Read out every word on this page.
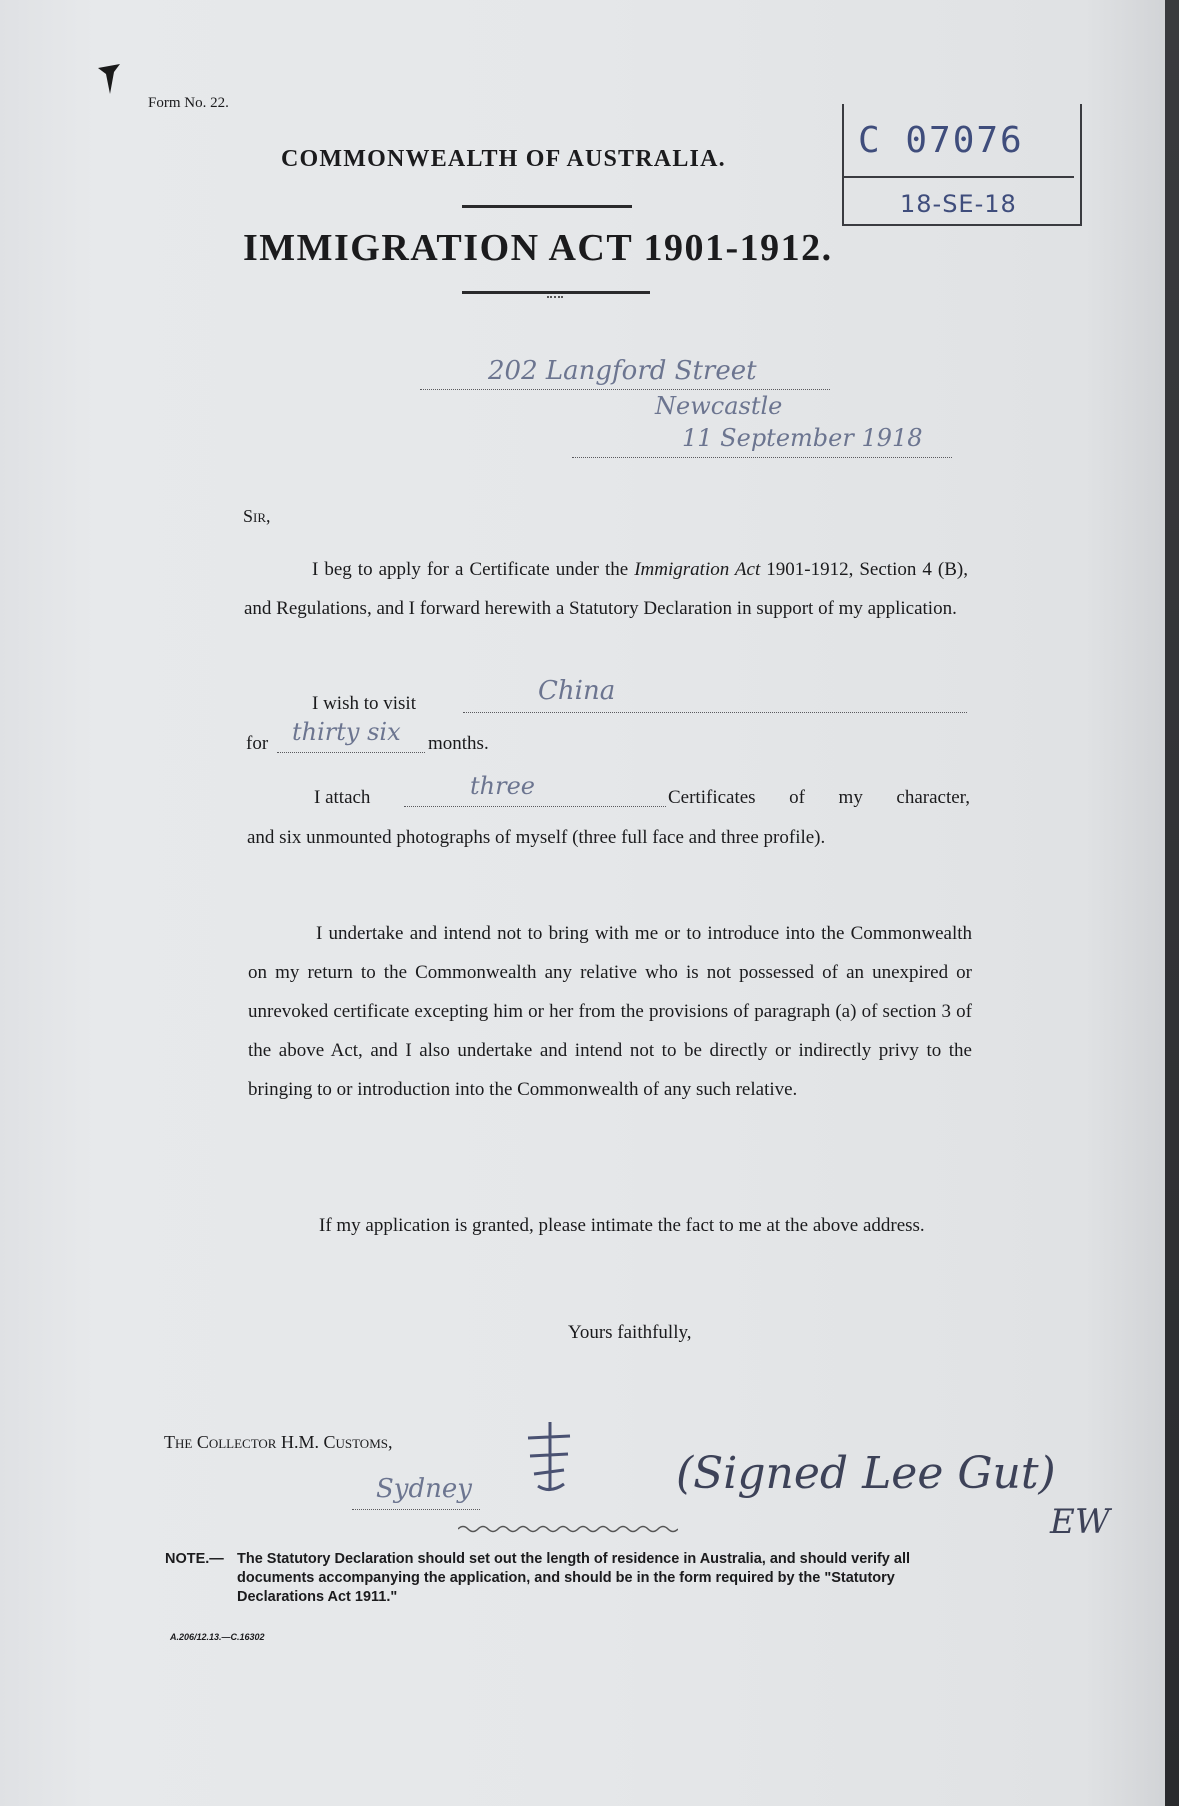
Form No. 22.
COMMONWEALTH OF AUSTRALIA.
IMMIGRATION ACT 1901-1912.
C 07076
18-SE-18
202 Langford Street
Newcastle
11 September 1918
Sir,
I beg to apply for a Certificate under the Immigration Act 1901-1912, Section 4 (B), and Regulations, and I forward herewith a Statutory Declaration in support of my application.
I wish to visit	China
for thirty six months.
I attach	three	Certificates of my character,
and six unmounted photographs of myself (three full face and three profile).
I undertake and intend not to bring with me or to introduce into the Commonwealth on my return to the Commonwealth any relative who is not possessed of an unexpired or unrevoked certificate excepting him or her from the provisions of paragraph (a) of section 3 of the above Act, and I also undertake and intend not to be directly or indirectly privy to the bringing to or introduction into the Commonwealth of any such relative.
If my application is granted, please intimate the fact to me at the above address.
Yours faithfully,
The Collector H.M. Customs,
Sydney	(Signed Lee Gut)
EW
NOTE.— The Statutory Declaration should set out the length of residence in Australia, and should verify all documents accompanying the application, and should be in the form required by the "Statutory Declarations Act 1911."
A.206/12.13.—C.16302
